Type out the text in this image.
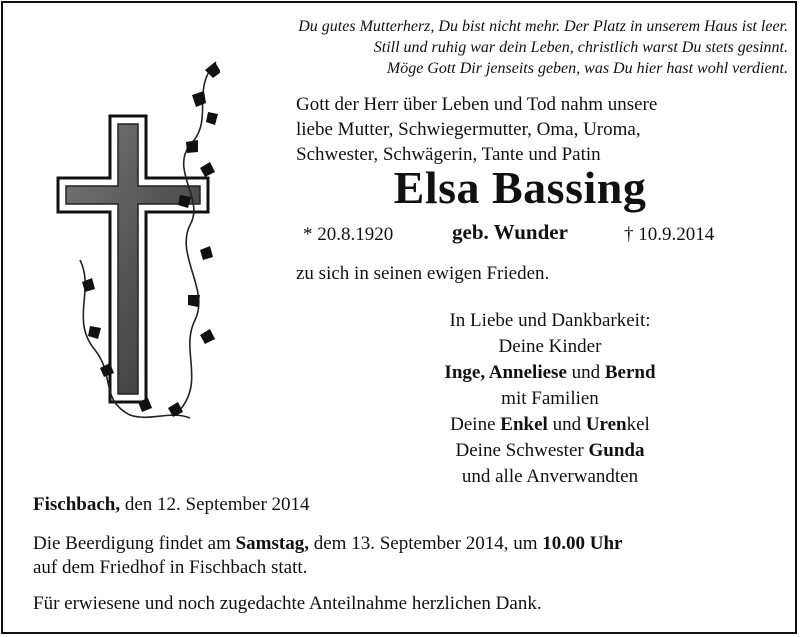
Du gutes Mutterherz, Du bist nicht mehr. Der Platz in unserem Haus ist leer.
Still und ruhig war dein Leben, christlich warst Du stets gesinnt.
Möge Gott Dir jenseits geben, was Du hier hast wohl verdient.
Gott der Herr über Leben und Tod nahm unsere
liebe Mutter, Schwiegermutter, Oma, Uroma,
Schwester, Schwägerin, Tante und Patin
Elsa Bassing
* 20.8.1920	geb. Wunder	† 10.9.2014
zu sich in seinen ewigen Frieden.
In Liebe und Dankbarkeit:
Deine Kinder
Inge, Anneliese und Bernd
mit Familien
Deine Enkel und Urenkel
Deine Schwester Gunda
und alle Anverwandten
Fischbach, den 12. September 2014
Die Beerdigung findet am Samstag, dem 13. September 2014, um 10.00 Uhr
auf dem Friedhof in Fischbach statt.
Für erwiesene und noch zugedachte Anteilnahme herzlichen Dank.
